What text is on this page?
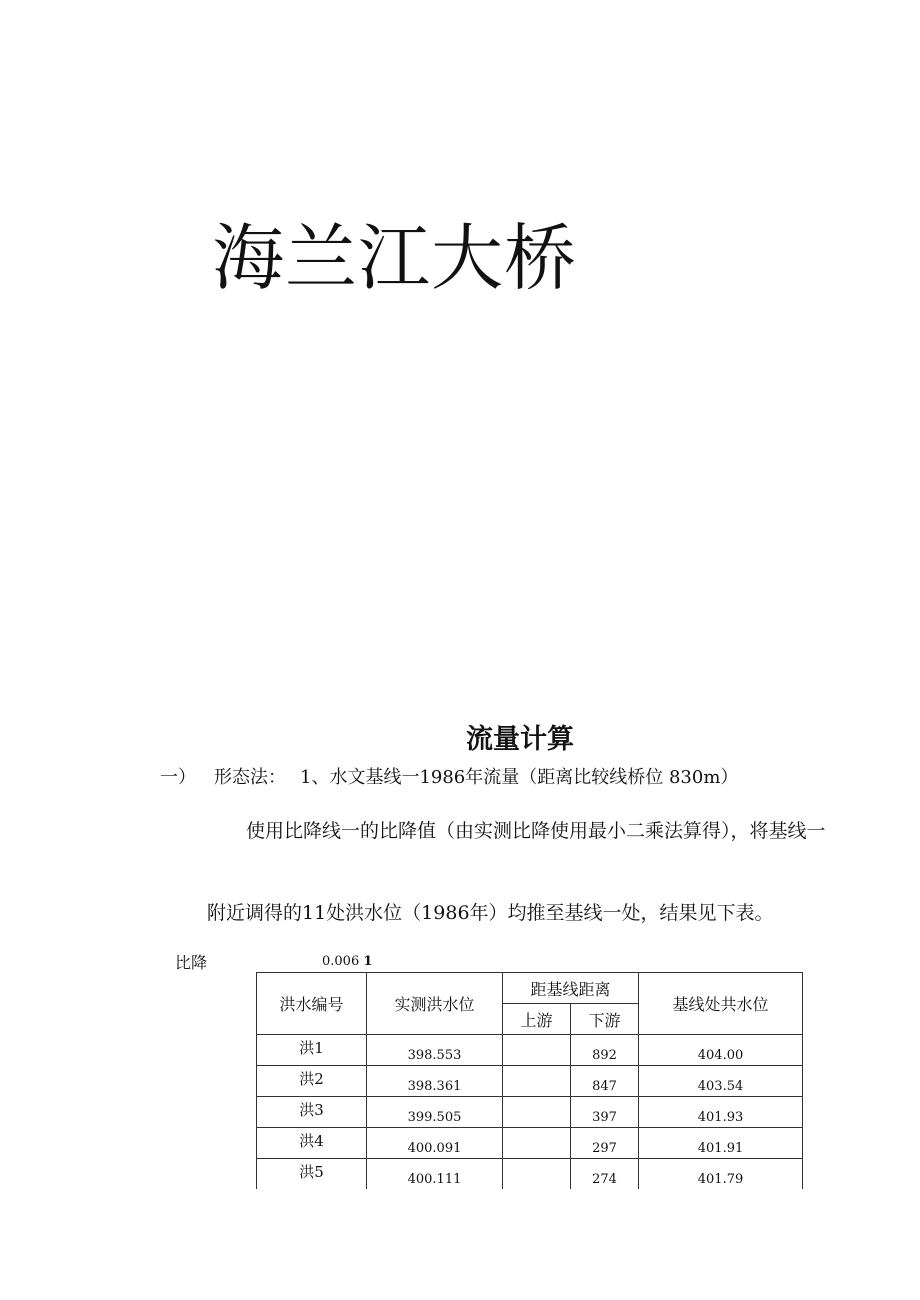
海兰江大桥
流量计算
一） 形态法： 1、水文基线一1986年流量（距离比较线桥位 830m）
使用比降线一的比降值（由实测比降使用最小二乘法算得），将基线一
附近调得的11处洪水位（1986年）均推至基线一处，结果见下表。
比降	0.006 1
洪水编号	实测洪水位	距基线距离		基线处共水位
		上游	下游	
洪1	398.553		892	404.00
洪2	398.361		847	403.54
洪3	399.505		397	401.93
洪4	400.091		297	401.91
洪5	400.111		274	401.79
